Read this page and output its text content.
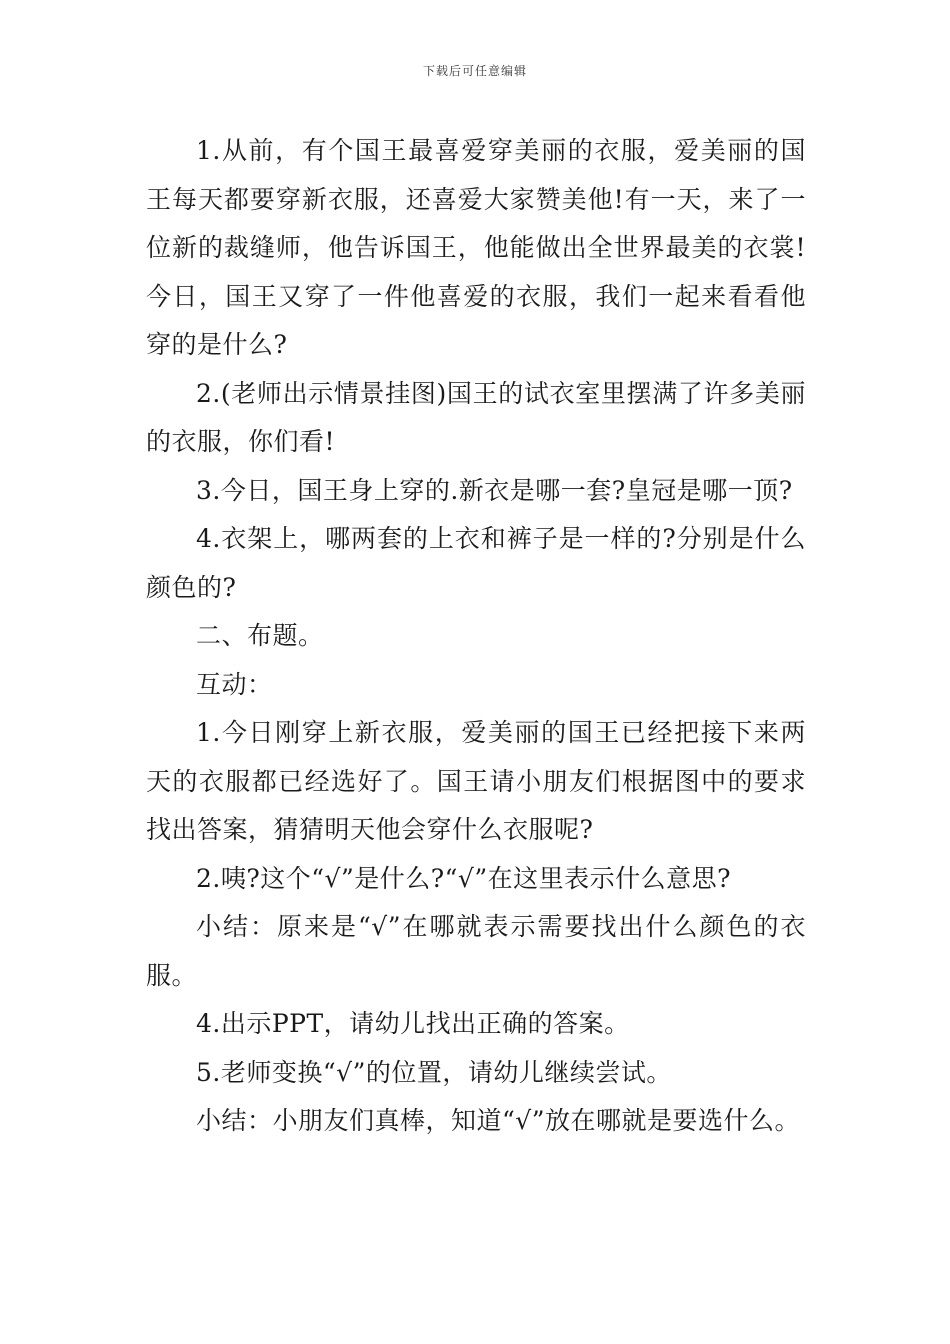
下载后可任意编辑

1.从前，有个国王最喜爱穿美丽的衣服，爱美丽的国王每天都要穿新衣服，还喜爱大家赞美他!有一天，来了一位新的裁缝师，他告诉国王，他能做出全世界最美的衣裳!今日，国王又穿了一件他喜爱的衣服，我们一起来看看他穿的是什么?

2.(老师出示情景挂图)国王的试衣室里摆满了许多美丽的衣服，你们看!

3.今日，国王身上穿的.新衣是哪一套?皇冠是哪一顶?

4.衣架上，哪两套的上衣和裤子是一样的?分别是什么颜色的?

二、布题。

互动：

1.今日刚穿上新衣服，爱美丽的国王已经把接下来两天的衣服都已经选好了。国王请小朋友们根据图中的要求找出答案，猜猜明天他会穿什么衣服呢?

2.咦?这个“√”是什么?“√”在这里表示什么意思?

小结：原来是“√”在哪就表示需要找出什么颜色的衣服。

4.出示PPT，请幼儿找出正确的答案。

5.老师变换“√”的位置，请幼儿继续尝试。

小结：小朋友们真棒，知道“√”放在哪就是要选什么。
